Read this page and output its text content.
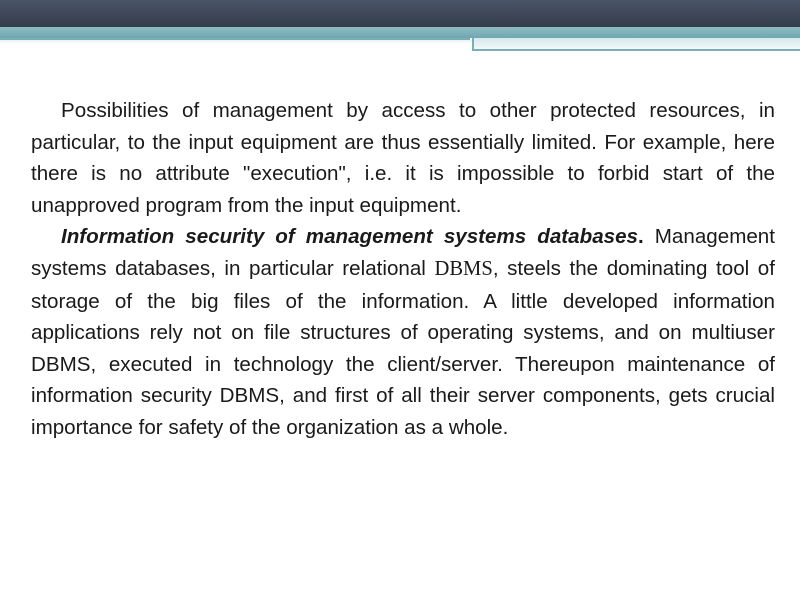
Possibilities of management by access to other protected resources, in particular, to the input equipment are thus essentially limited. For example, here there is no attribute "execution", i.e. it is impossible to forbid start of the unapproved program from the input equipment.

Information security of management systems databases. Management systems databases, in particular relational DBMS, steels the dominating tool of storage of the big files of the information. A little developed information applications rely not on file structures of operating systems, and on multiuser DBMS, executed in technology the client/server. Thereupon maintenance of information security DBMS, and first of all their server components, gets crucial importance for safety of the organization as a whole.
